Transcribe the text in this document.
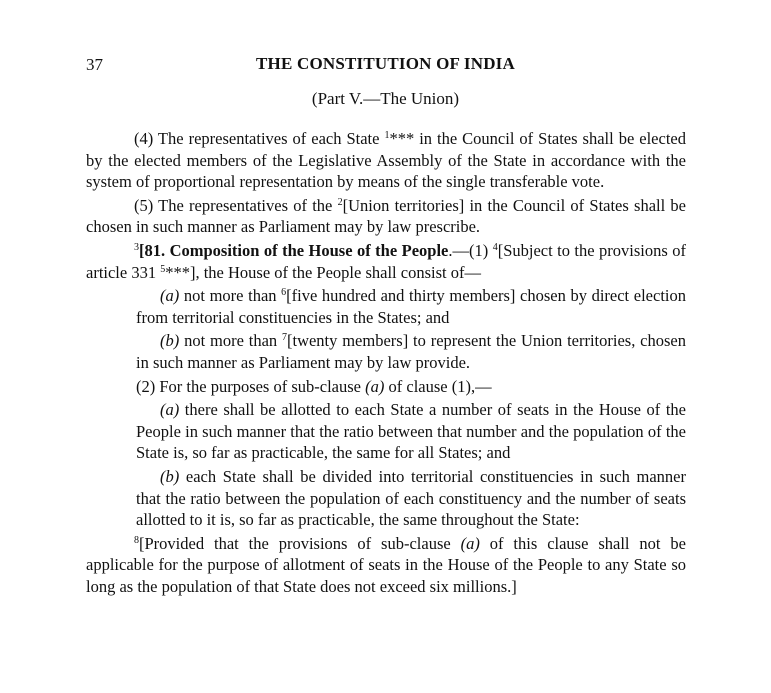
37	THE CONSTITUTION OF INDIA
(Part V.—The Union)

(4) The representatives of each State $^1$*** in the Council of States shall be elected by the elected members of the Legislative Assembly of the State in accordance with the system of proportional representation by means of the single transferable vote.

(5) The representatives of the $^2$[Union territories] in the Council of States shall be chosen in such manner as Parliament may by law prescribe.

$^3$[81. Composition of the House of the People.—(1) $^4$[Subject to the provisions of article 331 $^5$***], the House of the People shall consist of—

(a) not more than $^6$[five hundred and thirty members] chosen by direct election from territorial constituencies in the States; and

(b) not more than $^7$[twenty members] to represent the Union territories, chosen in such manner as Parliament may by law provide.

(2) For the purposes of sub-clause (a) of clause (1),—

(a) there shall be allotted to each State a number of seats in the House of the People in such manner that the ratio between that number and the population of the State is, so far as practicable, the same for all States; and

(b) each State shall be divided into territorial constituencies in such manner that the ratio between the population of each constituency and the number of seats allotted to it is, so far as practicable, the same throughout the State:

$^8$[Provided that the provisions of sub-clause (a) of this clause shall not be applicable for the purpose of allotment of seats in the House of the People to any State so long as the population of that State does not exceed six millions.]
